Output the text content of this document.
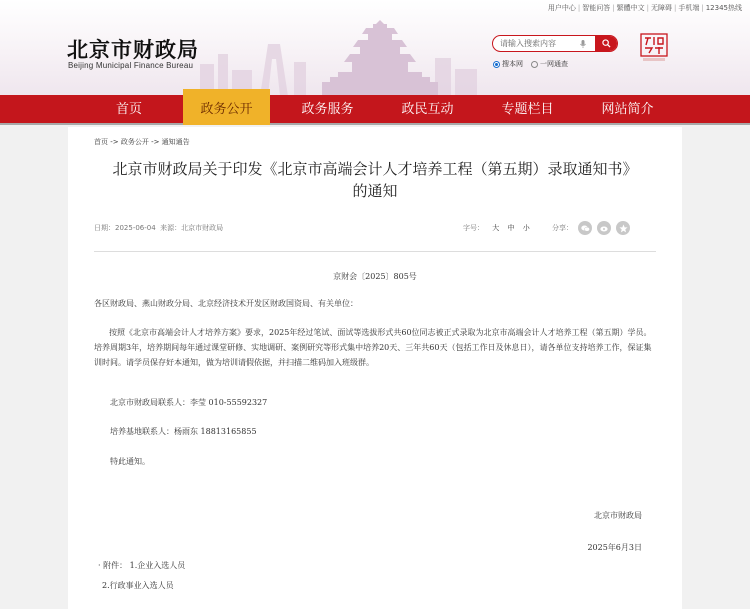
用户中心 | 智能问答 | 繁體中文 | 无障碍 | 手机端 | 12345热线
北京市财政局
Beijing Municipal Finance Bureau
请输入搜索内容	搜本网 一网通查
首页	政务公开	政务服务	政民互动	专题栏目	网站简介
首页 -> 政务公开 -> 通知通告
北京市财政局关于印发《北京市高端会计人才培养工程（第五期）录取通知书》
的通知
日期：2025-06-04 来源：北京市财政局	字号： 大 中 小	分享：
京财会〔2025〕805号
各区财政局、燕山财政分局、北京经济技术开发区财政国资局、有关单位：
按照《北京市高端会计人才培养方案》要求，2025年经过笔试、面试等选拔形式共60位同志被正式录取为北京市高端会计人才培养工程（第五期）学员。培养周期3年，培养期间每年通过课堂研修、实地调研、案例研究等形式集中培养20天、三年共60天（包括工作日及休息日），请各单位支持培养工作，保证集训时间。请学员保存好本通知，做为培训请假依据，并扫描二维码加入班级群。
北京市财政局联系人：李莹 010-55592327
培养基地联系人：杨雨东 18813165855
特此通知。
北京市财政局
2025年6月3日
· 附件： 1.企业入选人员
2.行政事业入选人员
